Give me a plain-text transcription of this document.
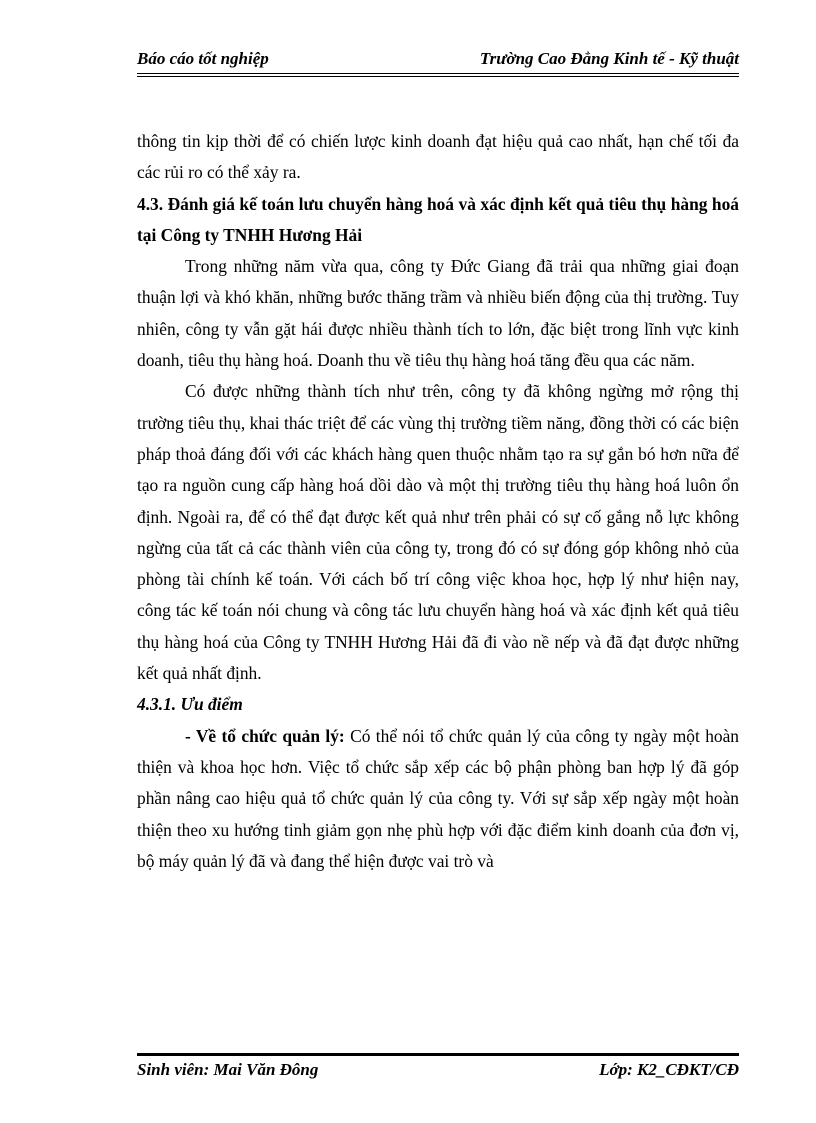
Báo cáo tốt nghiệp	Trường Cao Đẳng Kinh tế - Kỹ thuật

thông tin kịp thời để có chiến lược kinh doanh đạt hiệu quả cao nhất, hạn chế tối đa các rủi ro có thể xảy ra.

4.3. Đánh giá kế toán lưu chuyển hàng hoá và xác định kết quả tiêu thụ hàng hoá tại Công ty TNHH Hương Hải

Trong những năm vừa qua, công ty Đức Giang đã trải qua những giai đoạn thuận lợi và khó khăn, những bước thăng trầm và nhiều biến động của thị trường. Tuy nhiên, công ty vẫn gặt hái được nhiều thành tích to lớn, đặc biệt trong lĩnh vực kinh doanh, tiêu thụ hàng hoá. Doanh thu về tiêu thụ hàng hoá tăng đều qua các năm.

Có được những thành tích như trên, công ty đã không ngừng mở rộng thị trường tiêu thụ, khai thác triệt để các vùng thị trường tiềm năng, đồng thời có các biện pháp thoả đáng đối với các khách hàng quen thuộc nhằm tạo ra sự gắn bó hơn nữa để tạo ra nguồn cung cấp hàng hoá dồi dào và một thị trường tiêu thụ hàng hoá luôn ổn định. Ngoài ra, để có thể đạt được kết quả như trên phải có sự cố gắng nỗ lực không ngừng của tất cả các thành viên của công ty, trong đó có sự đóng góp không nhỏ của phòng tài chính kế toán. Với cách bố trí công việc khoa học, hợp lý như hiện nay, công tác kế toán nói chung và công tác lưu chuyển hàng hoá và xác định kết quả tiêu thụ hàng hoá của Công ty TNHH Hương Hải đã đi vào nề nếp và đã đạt được những kết quả nhất định.

4.3.1. Ưu điểm

- Về tổ chức quản lý: Có thể nói tổ chức quản lý của công ty ngày một hoàn thiện và khoa học hơn. Việc tổ chức sắp xếp các bộ phận phòng ban hợp lý đã góp phần nâng cao hiệu quả tổ chức quản lý của công ty. Với sự sắp xếp ngày một hoàn thiện theo xu hướng tinh giảm gọn nhẹ phù hợp với đặc điểm kinh doanh của đơn vị, bộ máy quản lý đã và đang thể hiện được vai trò và

Sinh viên: Mai Văn Đông	Lớp: K2_CĐKT/CĐ
